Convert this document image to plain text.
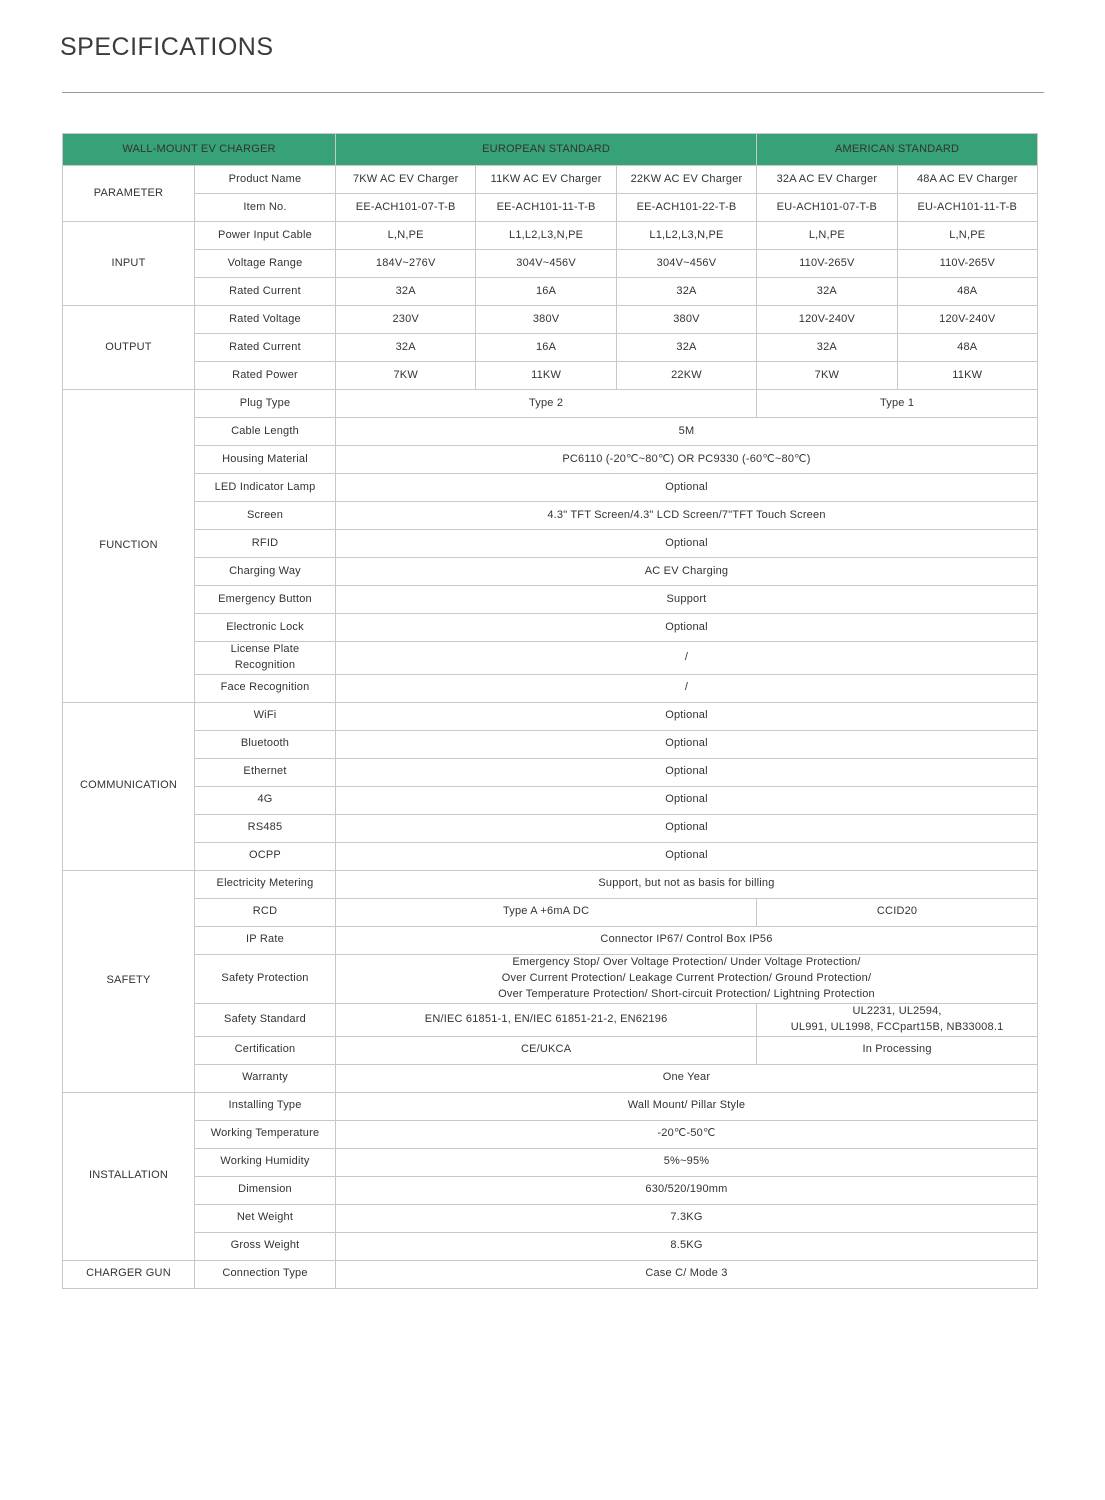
SPECIFICATIONS
WALL-MOUNT EV CHARGER		EUROPEAN STANDARD			AMERICAN STANDARD	
PARAMETER	Product Name	7KW AC EV Charger	11KW AC EV Charger	22KW AC EV Charger	32A AC EV Charger	48A AC EV Charger
	Item No.	EE-ACH101-07-T-B	EE-ACH101-11-T-B	EE-ACH101-22-T-B	EU-ACH101-07-T-B	EU-ACH101-11-T-B
INPUT	Power Input Cable	L,N,PE	L1,L2,L3,N,PE	L1,L2,L3,N,PE	L,N,PE	L,N,PE
	Voltage Range	184V~276V	304V~456V	304V~456V	110V-265V	110V-265V
	Rated Current	32A	16A	32A	32A	48A
OUTPUT	Rated Voltage	230V	380V	380V	120V-240V	120V-240V
	Rated Current	32A	16A	32A	32A	48A
	Rated Power	7KW	11KW	22KW	7KW	11KW
FUNCTION	Plug Type	Type 2			Type 1	
	Cable Length	5M				
	Housing Material	PC6110 (-20℃~80℃) OR PC9330 (-60℃~80℃)				
	LED Indicator Lamp	Optional				
	Screen	4.3" TFT Screen/4.3" LCD Screen/7"TFT Touch Screen				
	RFID	Optional				
	Charging Way	AC EV Charging				
	Emergency Button	Support				
	Electronic Lock	Optional				
	License Plate Recognition	/				
	Face Recognition	/				
COMMUNICATION	WiFi	Optional				
	Bluetooth	Optional				
	Ethernet	Optional				
	4G	Optional				
	RS485	Optional				
	OCPP	Optional				
SAFETY	Electricity Metering	Support, but not as basis for billing				
	RCD	Type A +6mA DC			CCID20	
	IP Rate	Connector IP67/ Control Box IP56				
	Safety Protection	Emergency Stop/ Over Voltage Protection/ Under Voltage Protection/
Over Current Protection/ Leakage Current Protection/ Ground Protection/
Over Temperature Protection/ Short-circuit Protection/ Lightning Protection				

	Safety Standard	EN/IEC 61851-1, EN/IEC 61851-21-2, EN62196			UL2231, UL2594,
UL991, UL1998, FCCpart15B, NB33008.1	

	Certification	CE/UKCA			In Processing	
	Warranty	One Year				
INSTALLATION	Installing Type	Wall Mount/ Pillar Style				
	Working Temperature	-20℃-50℃				
	Working Humidity	5%~95%				
	Dimension	630/520/190mm				
	Net Weight	7.3KG				
	Gross Weight	8.5KG				
CHARGER GUN	Connection Type	Case C/ Mode 3				
